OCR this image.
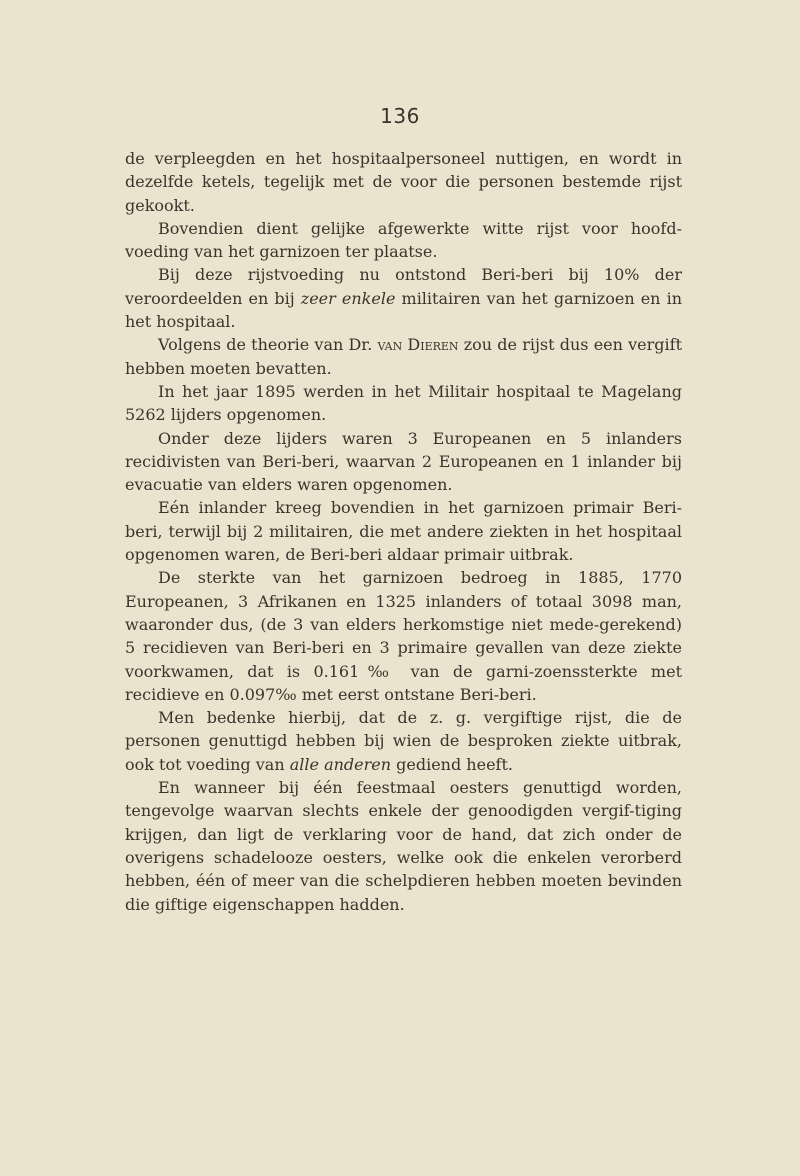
136

de verpleegden en het hospitaalpersoneel nuttigen, en wordt in dezelfde ketels, tegelijk met de voor die personen bestemde rijst gekookt.

Bovendien dient gelijke afgewerkte witte rijst voor hoofd-voeding van het garnizoen ter plaatse.

Bij deze rijstvoeding nu ontstond Beri-beri bij 10% der veroordeelden en bij zeer enkele militairen van het garnizoen en in het hospitaal.

Volgens de theorie van Dr. van Dieren zou de rijst dus een vergift hebben moeten bevatten.

In het jaar 1895 werden in het Militair hospitaal te Magelang 5262 lijders opgenomen.

Onder deze lijders waren 3 Europeanen en 5 inlanders recidivisten van Beri-beri, waarvan 2 Europeanen en 1 inlander bij evacuatie van elders waren opgenomen.

Eén inlander kreeg bovendien in het garnizoen primair Beri-beri, terwijl bij 2 militairen, die met andere ziekten in het hospitaal opgenomen waren, de Beri-beri aldaar primair uitbrak.

De sterkte van het garnizoen bedroeg in 1885, 1770 Europeanen, 3 Afrikanen en 1325 inlanders of totaal 3098 man, waaronder dus, (de 3 van elders herkomstige niet mede-gerekend) 5 recidieven van Beri-beri en 3 primaire gevallen van deze ziekte voorkwamen, dat is 0.161‰ van de garni-zoenssterkte met recidieve en 0.097‰ met eerst ontstane Beri-beri.

Men bedenke hierbij, dat de z. g. vergiftige rijst, die de personen genuttigd hebben bij wien de besproken ziekte uitbrak, ook tot voeding van alle anderen gediend heeft.

En wanneer bij één feestmaal oesters genuttigd worden, tengevolge waarvan slechts enkele der genoodigden vergif-tiging krijgen, dan ligt de verklaring voor de hand, dat zich onder de overigens schadelooze oesters, welke ook die enkelen verorberd hebben, één of meer van die schelpdieren hebben moeten bevinden die giftige eigenschappen hadden.
